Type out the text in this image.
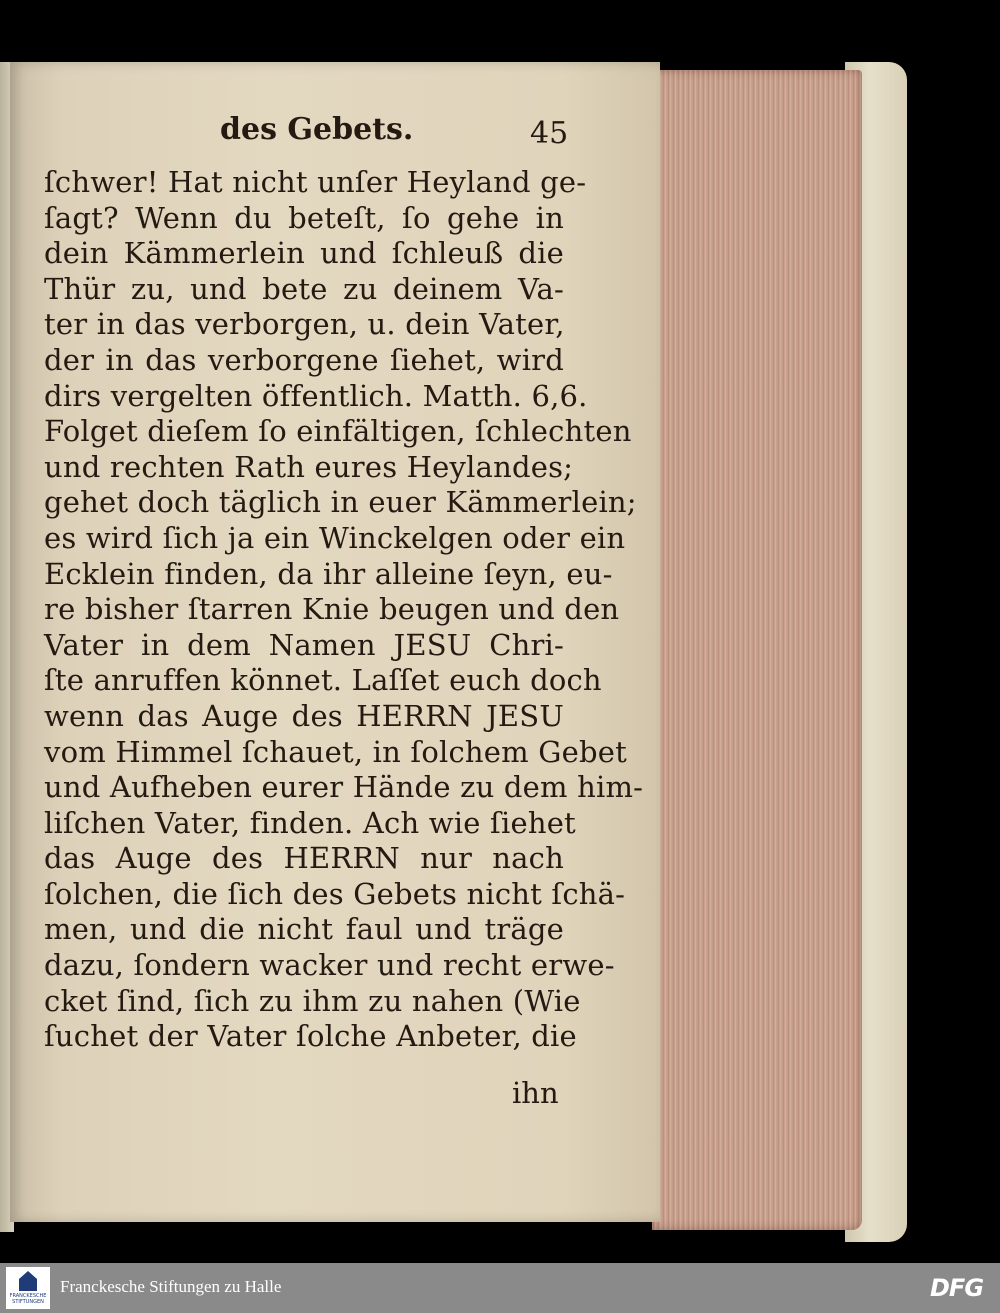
des Gebets.	45
ſchwer! Hat nicht unſer Heyland ge-
ſagt? Wenn du beteſt, ſo gehe in
dein Kämmerlein und ſchleuß die
Thür zu, und bete zu deinem Va-
ter in das verborgen, u. dein Vater,
der in das verborgene ſiehet, wird
dirs vergelten öffentlich. Matth. 6,6.
Folget dieſem ſo einfältigen, ſchlechten
und rechten Rath eures Heylandes;
gehet doch täglich in euer Kämmerlein;
es wird ſich ja ein Winckelgen oder ein
Ecklein finden, da ihr alleine ſeyn, eu-
re bisher ſtarren Knie beugen und den
Vater in dem Namen JESU Chri-
ſte anruffen könnet. Laſſet euch doch
wenn das Auge des HERRN JESU
vom Himmel ſchauet, in ſolchem Gebet
und Aufheben eurer Hände zu dem him-
liſchen Vater, finden. Ach wie ſiehet
das Auge des HERRN nur nach
ſolchen, die ſich des Gebets nicht ſchä-
men, und die nicht faul und träge
dazu, ſondern wacker und recht erwe-
cket ſind, ſich zu ihm zu nahen (Wie
ſuchet der Vater ſolche Anbeter, die
ihn
FRANCKESCHE STIFTUNGEN
Franckesche Stiftungen zu Halle	DFG
